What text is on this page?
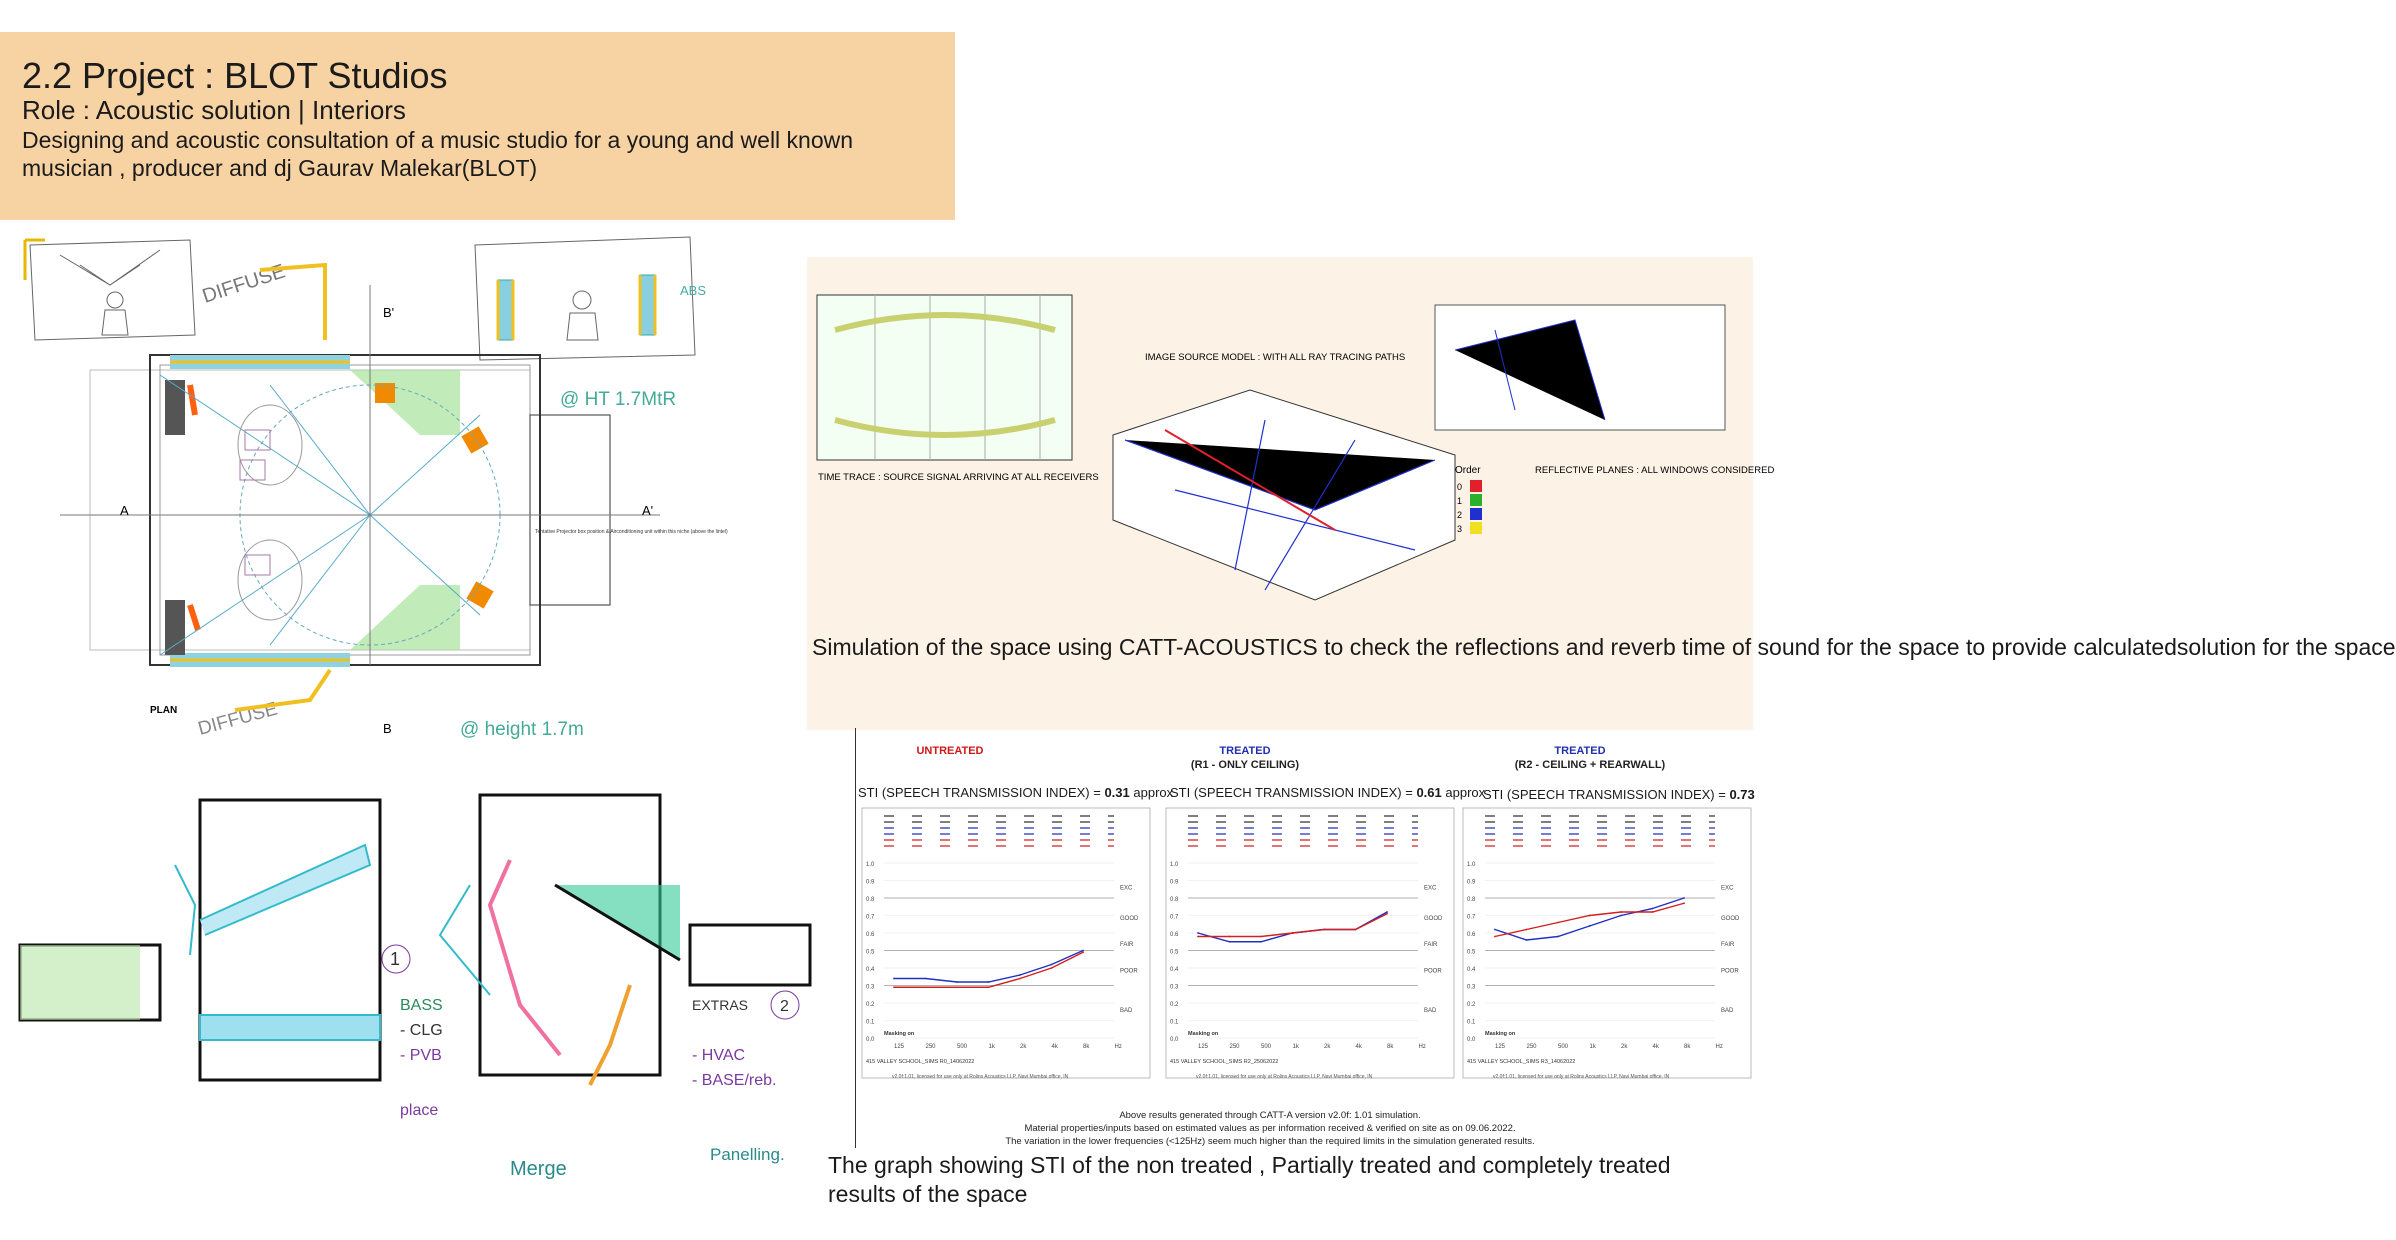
2.2 Project : BLOT Studios
Role : Acoustic solution | Interiors
Designing and acoustic consultation of a music studio for a young and well known musician , producer and dj Gaurav Malekar(BLOT)
DIFFUSE	ABS
A	A'
B'
B
PLAN
Tentative Projector box position & Airconditioning unit within this niche (above the lintel)
@ HT 1.7MtR
@ height 1.7m
DIFFUSE
1
BASS
- CLG
- PVB
place
EXTRAS 2
- HVAC
- BASE/reb.
Merge
Panelling.
TIME TRACE : SOURCE SIGNAL ARRIVING AT ALL RECEIVERS
IMAGE SOURCE MODEL : WITH ALL RAY TRACING PATHS
Order	REFLECTIVE PLANES : ALL WINDOWS CONSIDERED
0
1
2
3
Simulation of the space using CATT-ACOUSTICS to check the reflections and reverb time of sound for the space to provide calculatedsolution for the space
UNTREATED	TREATED
(R1 - ONLY CEILING)
TREATED
(R2 - CEILING + REARWALL)
STI (SPEECH TRANSMISSION INDEX) = 0.31 approx
STI (SPEECH TRANSMISSION INDEX) = 0.61 approx
STI (SPEECH TRANSMISSION INDEX) = 0.73
1.0
0.9
0.8
0.7
0.6
0.5
0.4
0.3
0.2
0.1
0.0
EXC
GOOD
FAIR
POOR
BAD
125	250	500	1k	2k	4k	8k	Hz
Masking on
415 VALLEY SCHOOL_SIMS R0_14062022
v2.0f:1.01, licensed for use only at Rolins Acoustics LLP, Navi Mumbai office, IN
1.0
0.9
0.8
0.7
0.6
0.5
0.4
0.3
0.2
0.1
0.0
EXC
GOOD
FAIR
POOR
BAD
125	250	500	1k	2k	4k	8k	Hz
Masking on
415 VALLEY SCHOOL_SIMS R2_25062022
v2.0f:1.01, licensed for use only at Rolins Acoustics LLP, Navi Mumbai office, IN
1.0
0.9
0.8
0.7
0.6
0.5
0.4
0.3
0.2
0.1
0.0
EXC
GOOD
FAIR
POOR
BAD
125	250	500	1k	2k	4k	8k	Hz
Masking on
415 VALLEY SCHOOL_SIMS R3_14062022
v2.0f:1.01, licensed for use only at Rolins Acoustics LLP, Navi Mumbai office, IN
Above results generated through CATT-A version v2.0f: 1.01 simulation.
Material properties/inputs based on estimated values as per information received & verified on site as on 09.06.2022.
The variation in the lower frequencies (<125Hz) seem much higher than the required limits in the simulation generated results.
The graph showing STI of the non treated , Partially treated and completely treated results of the space
